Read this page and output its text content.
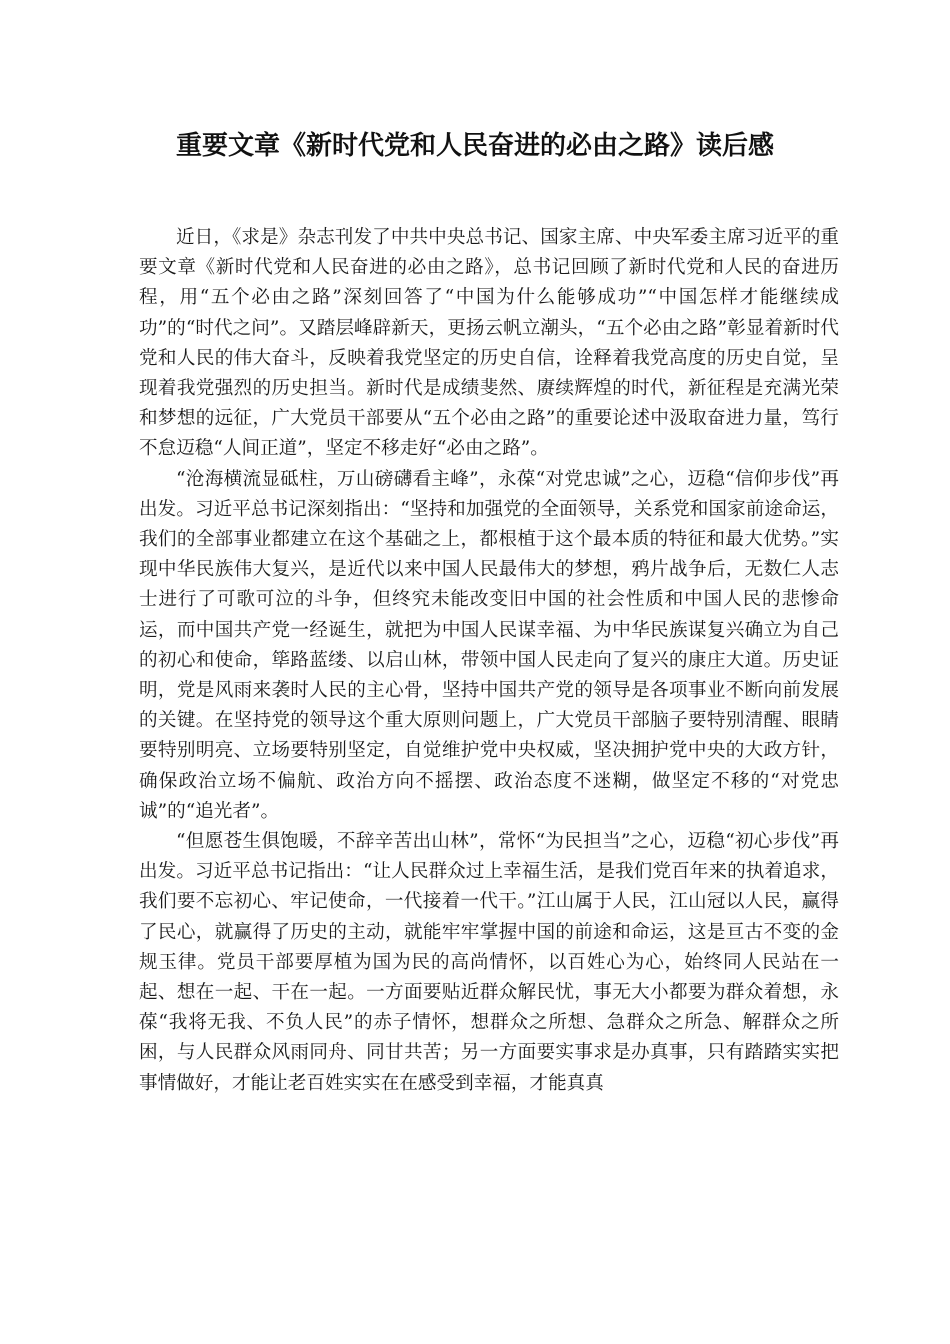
重要文章《新时代党和人民奋进的必由之路》读后感

近日，《求是》杂志刊发了中共中央总书记、国家主席、中央军委主席习近平的重要文章《新时代党和人民奋进的必由之路》，总书记回顾了新时代党和人民的奋进历程，用“五个必由之路”深刻回答了“中国为什么能够成功”“中国怎样才能继续成功”的“时代之问”。又踏层峰辟新天，更扬云帆立潮头，“五个必由之路”彰显着新时代党和人民的伟大奋斗，反映着我党坚定的历史自信，诠释着我党高度的历史自觉，呈现着我党强烈的历史担当。新时代是成绩斐然、赓续辉煌的时代，新征程是充满光荣和梦想的远征，广大党员干部要从“五个必由之路”的重要论述中汲取奋进力量，笃行不怠迈稳“人间正道”，坚定不移走好“必由之路”。

“沧海横流显砥柱，万山磅礴看主峰”，永葆“对党忠诚”之心，迈稳“信仰步伐”再出发。习近平总书记深刻指出：“坚持和加强党的全面领导，关系党和国家前途命运，我们的全部事业都建立在这个基础之上，都根植于这个最本质的特征和最大优势。”实现中华民族伟大复兴，是近代以来中国人民最伟大的梦想，鸦片战争后，无数仁人志士进行了可歌可泣的斗争，但终究未能改变旧中国的社会性质和中国人民的悲惨命运，而中国共产党一经诞生，就把为中国人民谋幸福、为中华民族谋复兴确立为自己的初心和使命，筚路蓝缕、以启山林，带领中国人民走向了复兴的康庄大道。历史证明，党是风雨来袭时人民的主心骨，坚持中国共产党的领导是各项事业不断向前发展的关键。在坚持党的领导这个重大原则问题上，广大党员干部脑子要特别清醒、眼睛要特别明亮、立场要特别坚定，自觉维护党中央权威，坚决拥护党中央的大政方针，确保政治立场不偏航、政治方向不摇摆、政治态度不迷糊，做坚定不移的“对党忠诚”的“追光者”。

“但愿苍生俱饱暖，不辞辛苦出山林”，常怀“为民担当”之心，迈稳“初心步伐”再出发。习近平总书记指出：“让人民群众过上幸福生活，是我们党百年来的执着追求，我们要不忘初心、牢记使命，一代接着一代干。”江山属于人民，江山冠以人民，赢得了民心，就赢得了历史的主动，就能牢牢掌握中国的前途和命运，这是亘古不变的金规玉律。党员干部要厚植为国为民的高尚情怀，以百姓心为心，始终同人民站在一起、想在一起、干在一起。一方面要贴近群众解民忧，事无大小都要为群众着想，永葆“我将无我、不负人民”的赤子情怀，想群众之所想、急群众之所急、解群众之所困，与人民群众风雨同舟、同甘共苦；另一方面要实事求是办真事，只有踏踏实实把事情做好，才能让老百姓实实在在感受到幸福，才能真真
